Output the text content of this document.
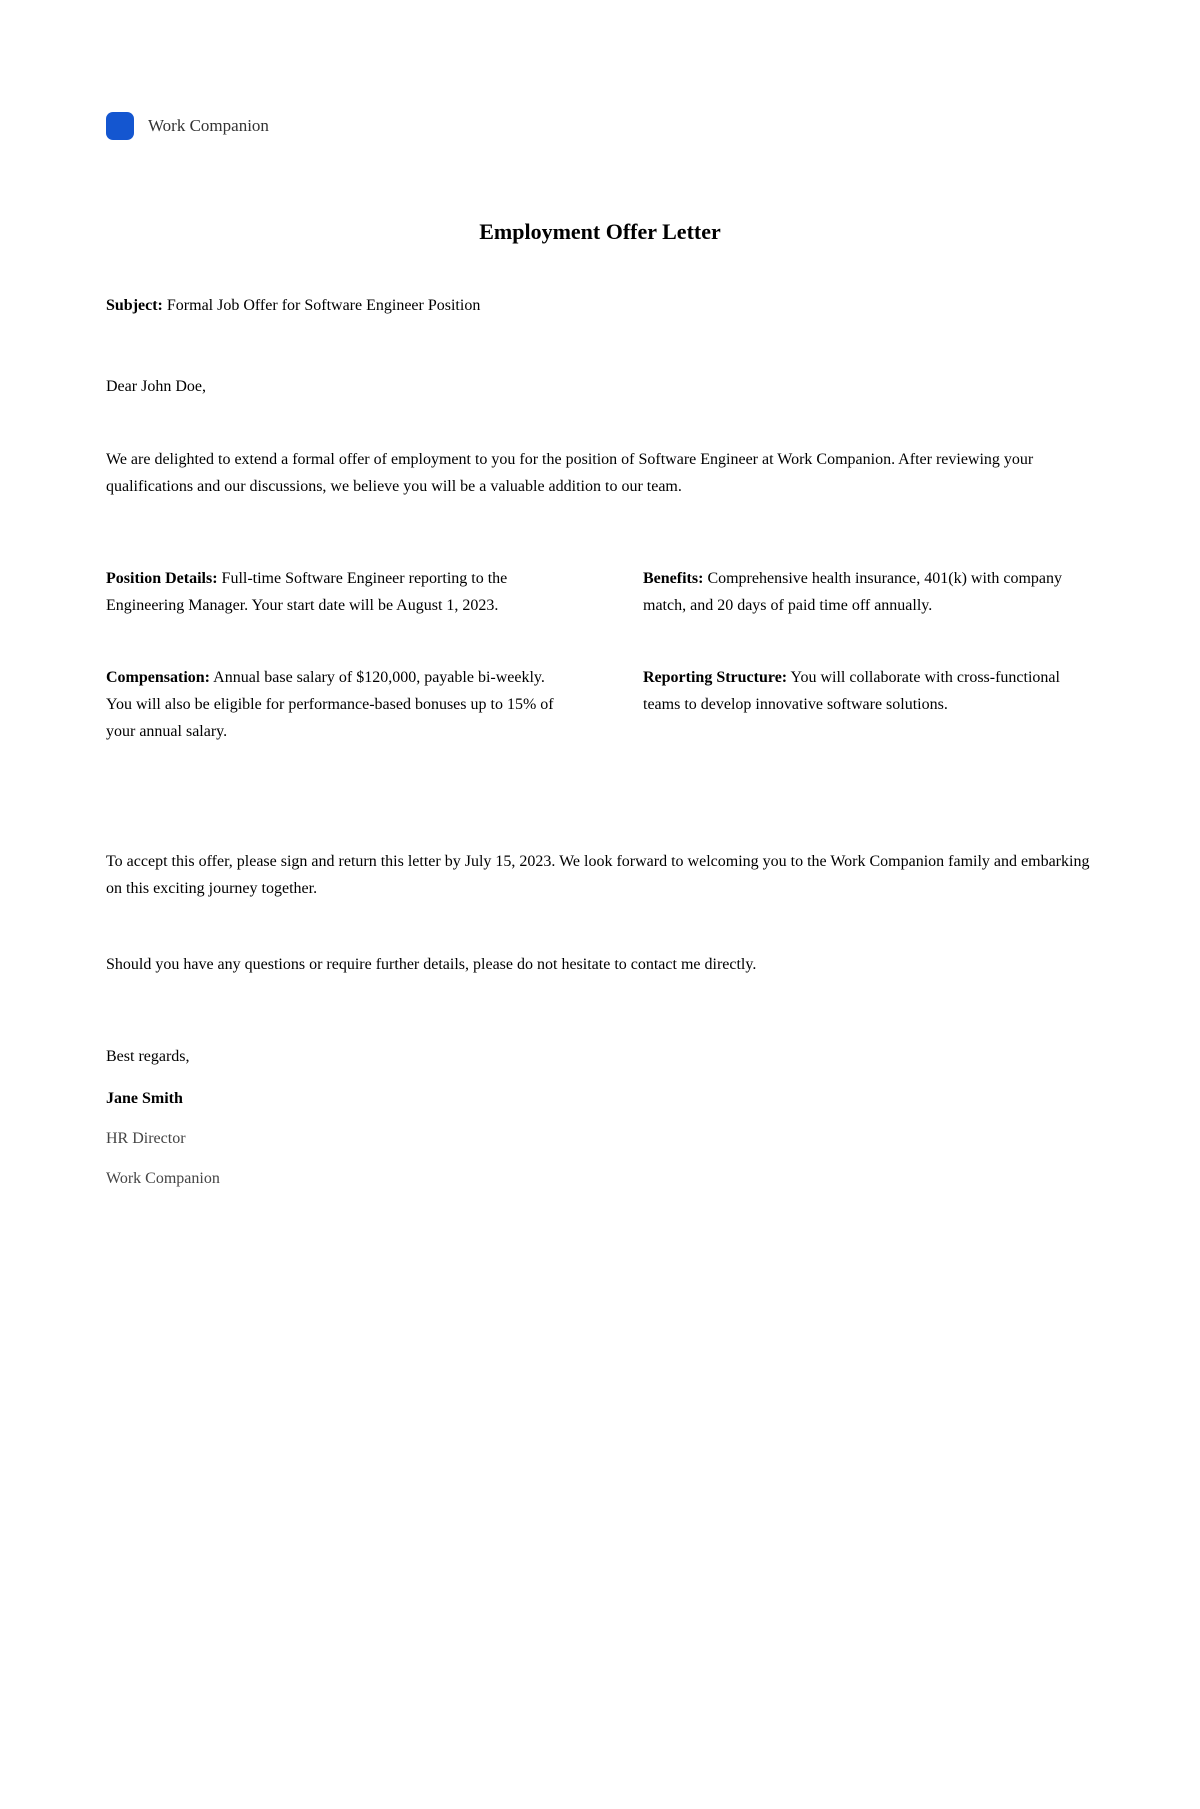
Work Companion
Employment Offer Letter

Subject: Formal Job Offer for Software Engineer Position

Dear John Doe,

We are delighted to extend a formal offer of employment to you for the position of Software Engineer at Work Companion. After reviewing your qualifications and our discussions, we believe you will be a valuable addition to our team.

Position Details: Full-time Software Engineer reporting to the Engineering Manager. Your start date will be August 1, 2023.

Compensation: Annual base salary of $120,000, payable bi-weekly. You will also be eligible for performance-based bonuses up to 15% of your annual salary.

Benefits: Comprehensive health insurance, 401(k) with company match, and 20 days of paid time off annually.

Reporting Structure: You will collaborate with cross-functional teams to develop innovative software solutions.

To accept this offer, please sign and return this letter by July 15, 2023. We look forward to welcoming you to the Work Companion family and embarking on this exciting journey together.

Should you have any questions or require further details, please do not hesitate to contact me directly.

Best regards,

Jane Smith

HR Director

Work Companion
